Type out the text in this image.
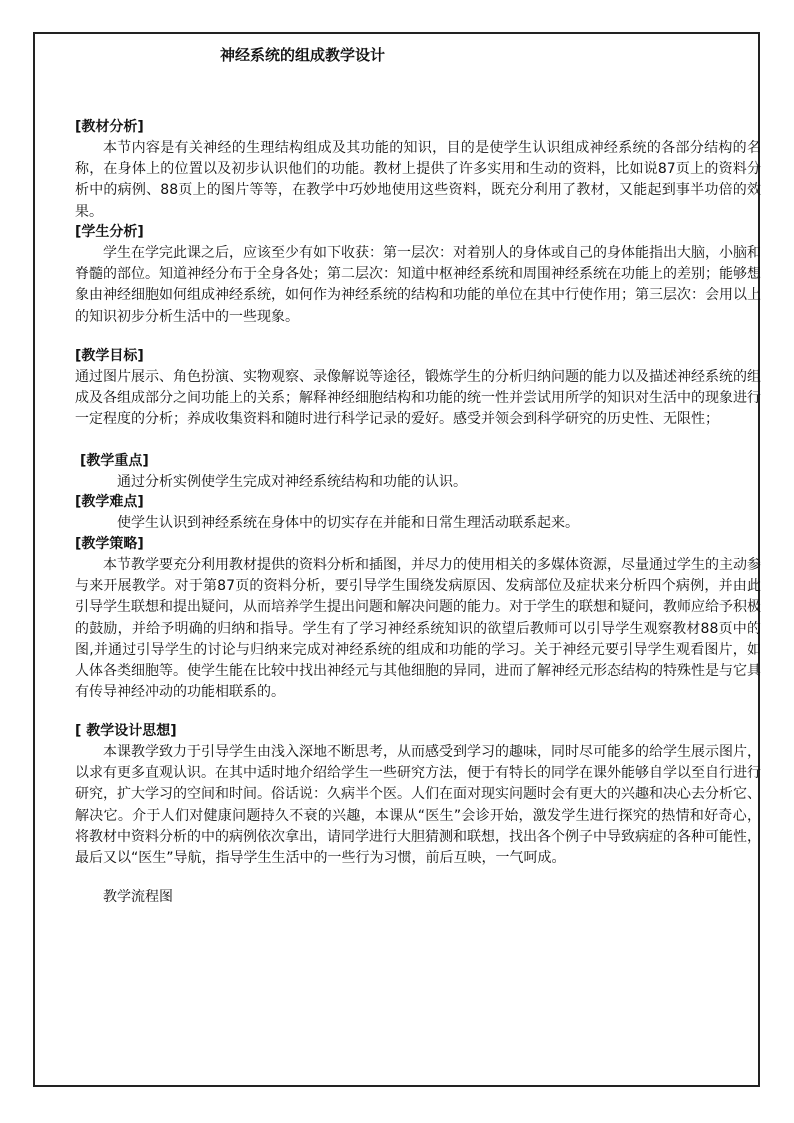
神经系统的组成教学设计
[教材分析]
本节内容是有关神经的生理结构组成及其功能的知识，目的是使学生认识组成神经系统的各部分结构的名称，在身体上的位置以及初步认识他们的功能。教材上提供了许多实用和生动的资料，比如说87页上的资料分析中的病例、88页上的图片等等，在教学中巧妙地使用这些资料，既充分利用了教材，又能起到事半功倍的效果。
[学生分析]
学生在学完此课之后，应该至少有如下收获：第一层次：对着别人的身体或自己的身体能指出大脑，小脑和脊髓的部位。知道神经分布于全身各处；第二层次：知道中枢神经系统和周围神经系统在功能上的差别；能够想象由神经细胞如何组成神经系统，如何作为神经系统的结构和功能的单位在其中行使作用；第三层次：会用以上的知识初步分析生活中的一些现象。
[教学目标]
通过图片展示、角色扮演、实物观察、录像解说等途径，锻炼学生的分析归纳问题的能力以及描述神经系统的组成及各组成部分之间功能上的关系；解释神经细胞结构和功能的统一性并尝试用所学的知识对生活中的现象进行一定程度的分析；养成收集资料和随时进行科学记录的爱好。感受并领会到科学研究的历史性、无限性；
[教学重点]
通过分析实例使学生完成对神经系统结构和功能的认识。
[教学难点]
使学生认识到神经系统在身体中的切实存在并能和日常生理活动联系起来。
[教学策略]
本节教学要充分利用教材提供的资料分析和插图，并尽力的使用相关的多媒体资源，尽量通过学生的主动参与来开展教学。对于第87页的资料分析，要引导学生围绕发病原因、发病部位及症状来分析四个病例，并由此引导学生联想和提出疑问，从而培养学生提出问题和解决问题的能力。对于学生的联想和疑问，教师应给予积极的鼓励，并给予明确的归纳和指导。学生有了学习神经系统知识的欲望后教师可以引导学生观察教材88页中的图,并通过引导学生的讨论与归纳来完成对神经系统的组成和功能的学习。关于神经元要引导学生观看图片，如人体各类细胞等。使学生能在比较中找出神经元与其他细胞的异同，进而了解神经元形态结构的特殊性是与它具有传导神经冲动的功能相联系的。
[ 教学设计思想]
本课教学致力于引导学生由浅入深地不断思考，从而感受到学习的趣味，同时尽可能多的给学生展示图片，以求有更多直观认识。在其中适时地介绍给学生一些研究方法，便于有特长的同学在课外能够自学以至自行进行研究，扩大学习的空间和时间。俗话说：久病半个医。人们在面对现实问题时会有更大的兴趣和决心去分析它、解决它。介于人们对健康问题持久不衰的兴趣，本课从“医生”会诊开始，激发学生进行探究的热情和好奇心，将教材中资料分析的中的病例依次拿出，请同学进行大胆猜测和联想，找出各个例子中导致病症的各种可能性，最后又以“医生”导航，指导学生生活中的一些行为习惯，前后互映，一气呵成。
教学流程图
